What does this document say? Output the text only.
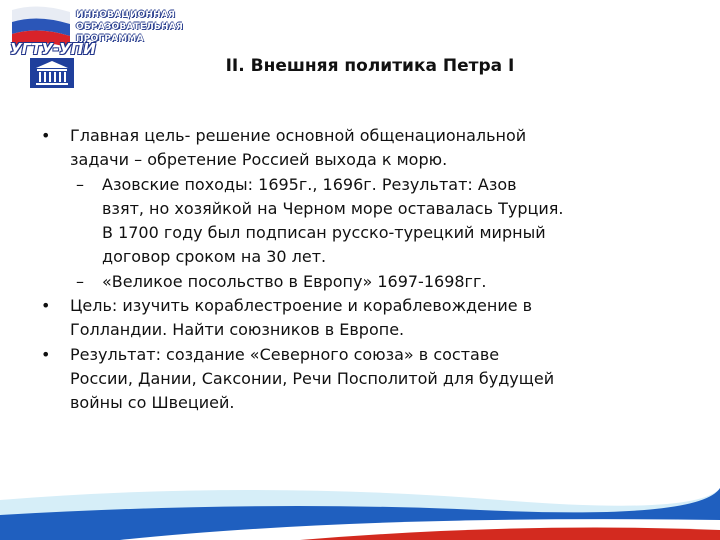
ИННОВАЦИОННАЯ
ОБРАЗОВАТЕЛЬНАЯ
ПРОГРАММА
УГТУ-УПИ
II. Внешняя политика Петра I
• Главная цель- решение основной общенациональной
задачи – обретение Россией выхода к морю.
– Азовские походы: 1695г., 1696г. Результат: Азов
взят, но хозяйкой на Черном море оставалась Турция.
В 1700 году был подписан русско-турецкий мирный
договор сроком на 30 лет.
– «Великое посольство в Европу» 1697-1698гг.
• Цель: изучить кораблестроение и кораблевождение в
Голландии. Найти союзников в Европе.
• Результат: создание «Северного союза» в составе
России, Дании, Саксонии, Речи Посполитой для будущей
войны со Швецией.
